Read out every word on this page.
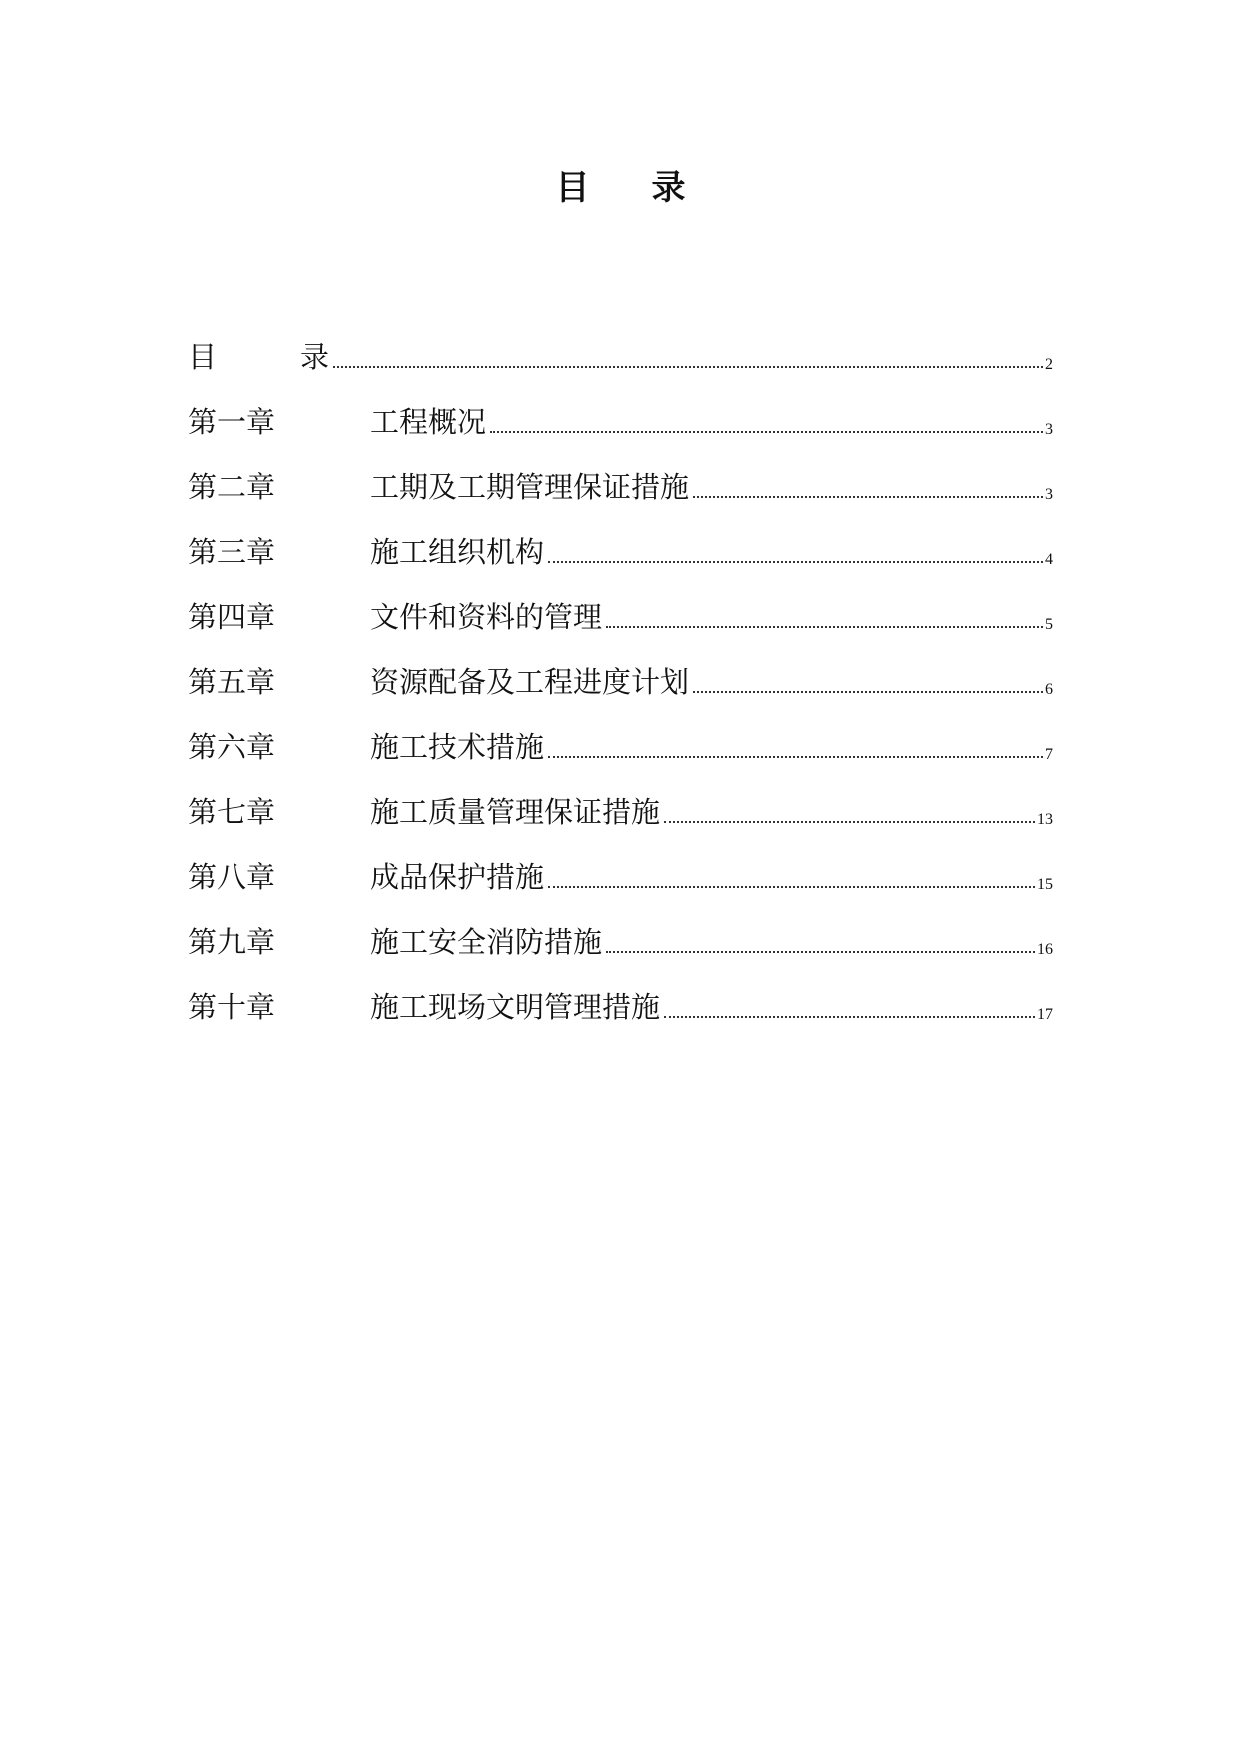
目 录
目	录	2
第一章	工程概况	3
第二章	工期及工期管理保证措施	3
第三章	施工组织机构	4
第四章	文件和资料的管理	5
第五章	资源配备及工程进度计划	6
第六章	施工技术措施	7
第七章	施工质量管理保证措施	13
第八章	成品保护措施	15
第九章	施工安全消防措施	16
第十章	施工现场文明管理措施	17
